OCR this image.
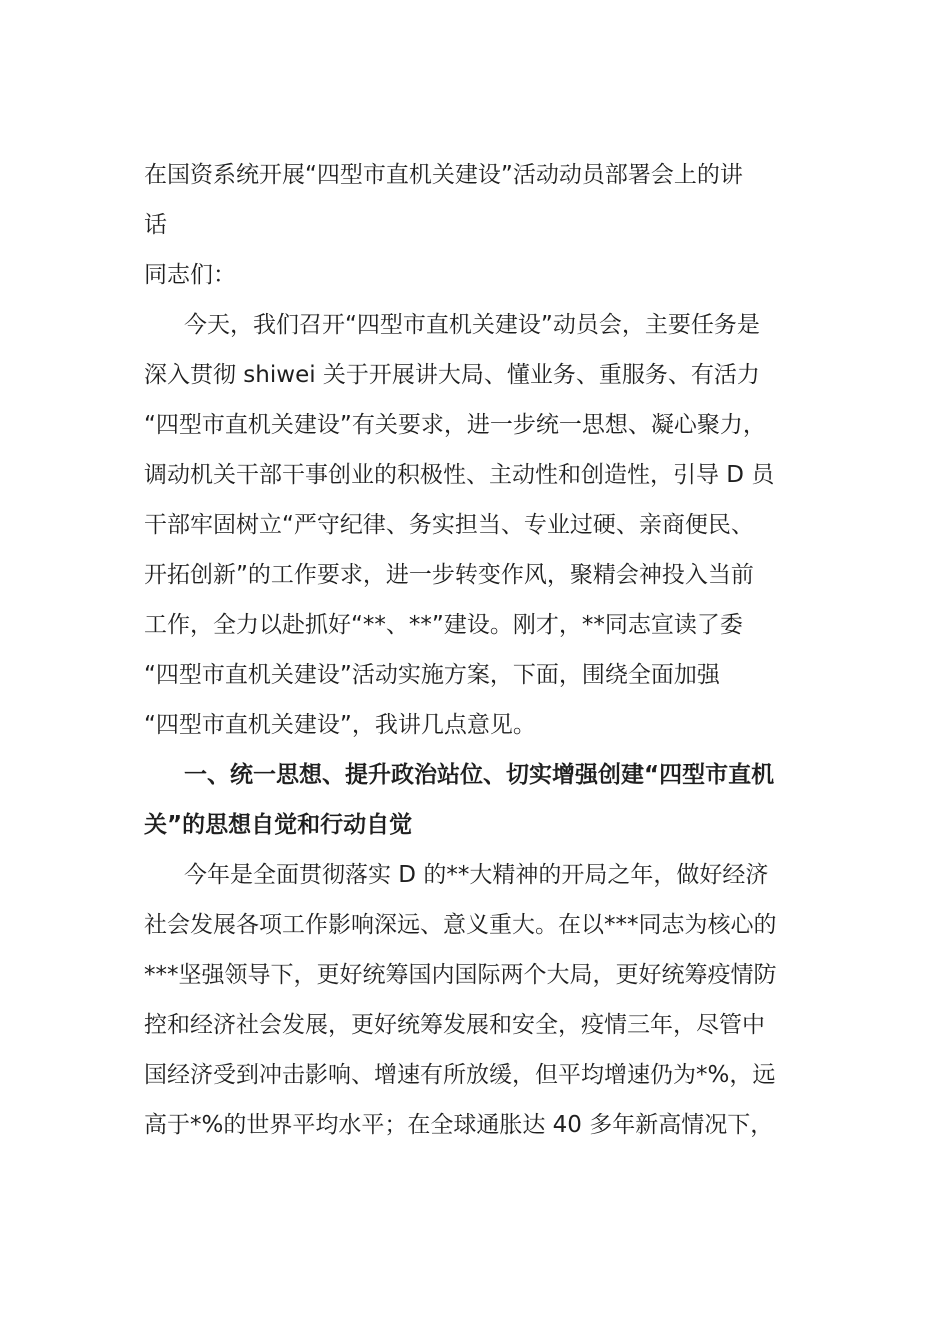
在国资系统开展“四型市直机关建设”活动动员部署会上的讲
话
同志们：
今天，我们召开“四型市直机关建设”动员会，主要任务是
深入贯彻 shiwei 关于开展讲大局、懂业务、重服务、有活力
“四型市直机关建设”有关要求，进一步统一思想、凝心聚力，
调动机关干部干事创业的积极性、主动性和创造性，引导 D 员
干部牢固树立“严守纪律、务实担当、专业过硬、亲商便民、
开拓创新”的工作要求，进一步转变作风，聚精会神投入当前
工作，全力以赴抓好“**、**”建设。刚才，**同志宣读了委
“四型市直机关建设”活动实施方案，下面，围绕全面加强
“四型市直机关建设”，我讲几点意见。
一、统一思想、提升政治站位、切实增强创建“四型市直机
关”的思想自觉和行动自觉
今年是全面贯彻落实 D 的**大精神的开局之年，做好经济
社会发展各项工作影响深远、意义重大。在以***同志为核心的
***坚强领导下，更好统筹国内国际两个大局，更好统筹疫情防
控和经济社会发展，更好统筹发展和安全，疫情三年，尽管中
国经济受到冲击影响、增速有所放缓，但平均增速仍为*%，远
高于*%的世界平均水平；在全球通胀达 40 多年新高情况下，
